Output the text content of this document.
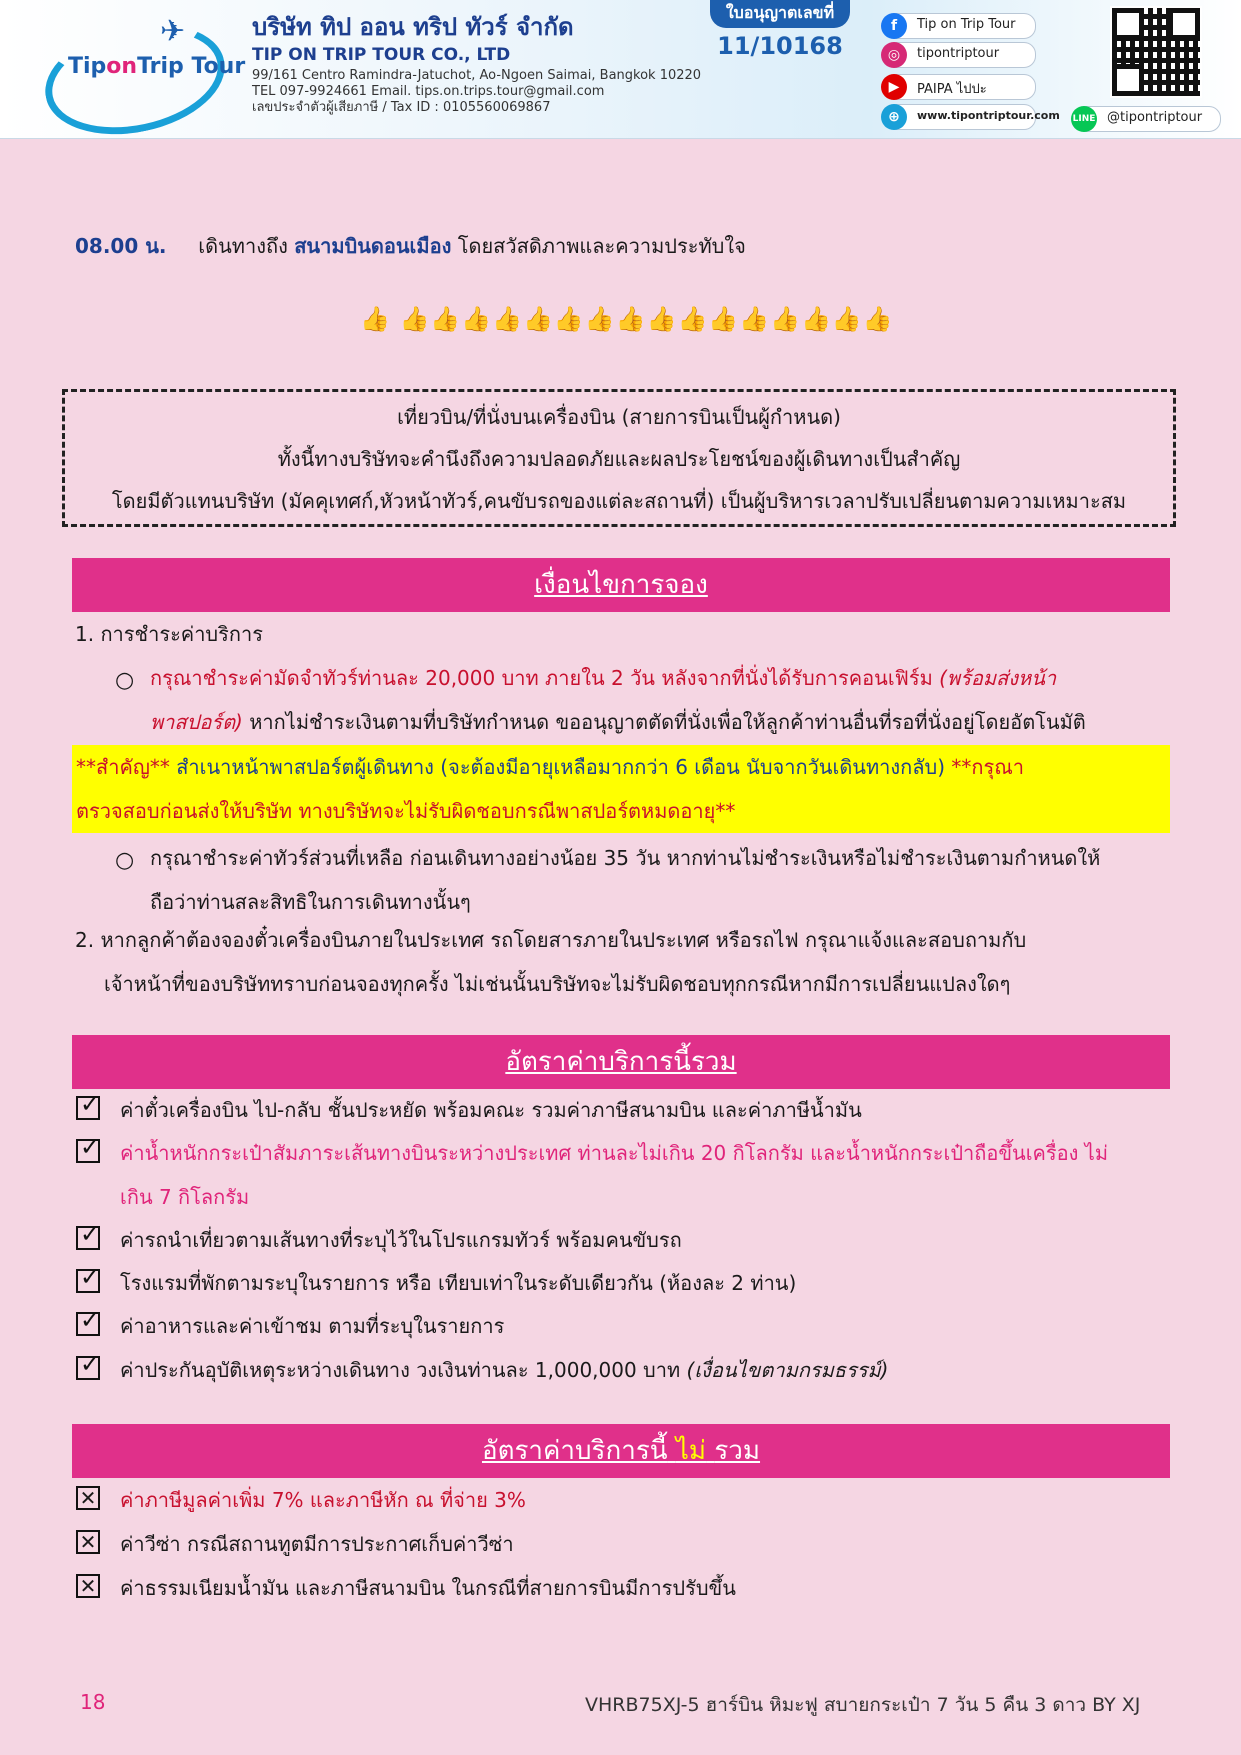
✈
TiponTrip Tour
บริษัท ทิป ออน ทริป ทัวร์ จำกัด
TIP ON TRIP TOUR CO., LTD
99/161 Centro Ramindra-Jatuchot, Ao-Ngoen Saimai, Bangkok 10220
TEL 097-9924661 Email. tips.on.trips.tour@gmail.com
เลขประจำตัวผู้เสียภาษี / Tax ID : 0105560069867
ใบอนุญาตเลขที่
11/10168
f	Tip on Trip Tour
◎	tipontriptour
▶	PAIPA ไปปะ
⊕	www.tipontriptour.com LINE @tipontriptour
08.00 น. เดินทางถึง สนามบินดอนเมือง โดยสวัสดิภาพและความประทับใจ
👍 👍👍👍👍👍👍👍👍👍👍👍👍👍👍👍👍
เที่ยวบิน/ที่นั่งบนเครื่องบิน (สายการบินเป็นผู้กำหนด)
ทั้งนี้ทางบริษัทจะคำนึงถึงความปลอดภัยและผลประโยชน์ของผู้เดินทางเป็นสำคัญ
โดยมีตัวแทนบริษัท (มัคคุเทศก์,หัวหน้าทัวร์,คนขับรถของแต่ละสถานที่) เป็นผู้บริหารเวลาปรับเปลี่ยนตามความเหมาะสม
เงื่อนไขการจอง
1. การชำระค่าบริการ
○ กรุณาชำระค่ามัดจำทัวร์ท่านละ 20,000 บาท ภายใน 2 วัน หลังจากที่นั่งได้รับการคอนเฟิร์ม (พร้อมส่งหน้า
พาสปอร์ต) หากไม่ชำระเงินตามที่บริษัทกำหนด ขออนุญาตตัดที่นั่งเพื่อให้ลูกค้าท่านอื่นที่รอที่นั่งอยู่โดยอัตโนมัติ
**สำคัญ** สำเนาหน้าพาสปอร์ตผู้เดินทาง (จะต้องมีอายุเหลือมากกว่า 6 เดือน นับจากวันเดินทางกลับ) **กรุณา
ตรวจสอบก่อนส่งให้บริษัท ทางบริษัทจะไม่รับผิดชอบกรณีพาสปอร์ตหมดอายุ**
○ กรุณาชำระค่าทัวร์ส่วนที่เหลือ ก่อนเดินทางอย่างน้อย 35 วัน หากท่านไม่ชำระเงินหรือไม่ชำระเงินตามกำหนดให้
ถือว่าท่านสละสิทธิในการเดินทางนั้นๆ
2. หากลูกค้าต้องจองตั๋วเครื่องบินภายในประเทศ รถโดยสารภายในประเทศ หรือรถไฟ กรุณาแจ้งและสอบถามกับ
เจ้าหน้าที่ของบริษัททราบก่อนจองทุกครั้ง ไม่เช่นนั้นบริษัทจะไม่รับผิดชอบทุกกรณีหากมีการเปลี่ยนแปลงใดๆ
อัตราค่าบริการนี้รวม
✓ ค่าตั๋วเครื่องบิน ไป-กลับ ชั้นประหยัด พร้อมคณะ รวมค่าภาษีสนามบิน และค่าภาษีน้ำมัน
✓ ค่าน้ำหนักกระเป๋าสัมภาระเส้นทางบินระหว่างประเทศ ท่านละไม่เกิน 20 กิโลกรัม และน้ำหนักกระเป๋าถือขึ้นเครื่อง ไม่
เกิน 7 กิโลกรัม
✓ ค่ารถนำเที่ยวตามเส้นทางที่ระบุไว้ในโปรแกรมทัวร์ พร้อมคนขับรถ
✓ โรงแรมที่พักตามระบุในรายการ หรือ เทียบเท่าในระดับเดียวกัน (ห้องละ 2 ท่าน)
✓ ค่าอาหารและค่าเข้าชม ตามที่ระบุในรายการ
✓ ค่าประกันอุบัติเหตุระหว่างเดินทาง วงเงินท่านละ 1,000,000 บาท (เงื่อนไขตามกรมธรรม์)
อัตราค่าบริการนี้ ไม่ รวม
✕ ค่าภาษีมูลค่าเพิ่ม 7% และภาษีหัก ณ ที่จ่าย 3%
✕ ค่าวีซ่า กรณีสถานทูตมีการประกาศเก็บค่าวีซ่า
✕ ค่าธรรมเนียมน้ำมัน และภาษีสนามบิน ในกรณีที่สายการบินมีการปรับขึ้น
18	VHRB75XJ-5 ฮาร์บิน หิมะฟู สบายกระเป๋า 7 วัน 5 คืน 3 ดาว BY XJ
